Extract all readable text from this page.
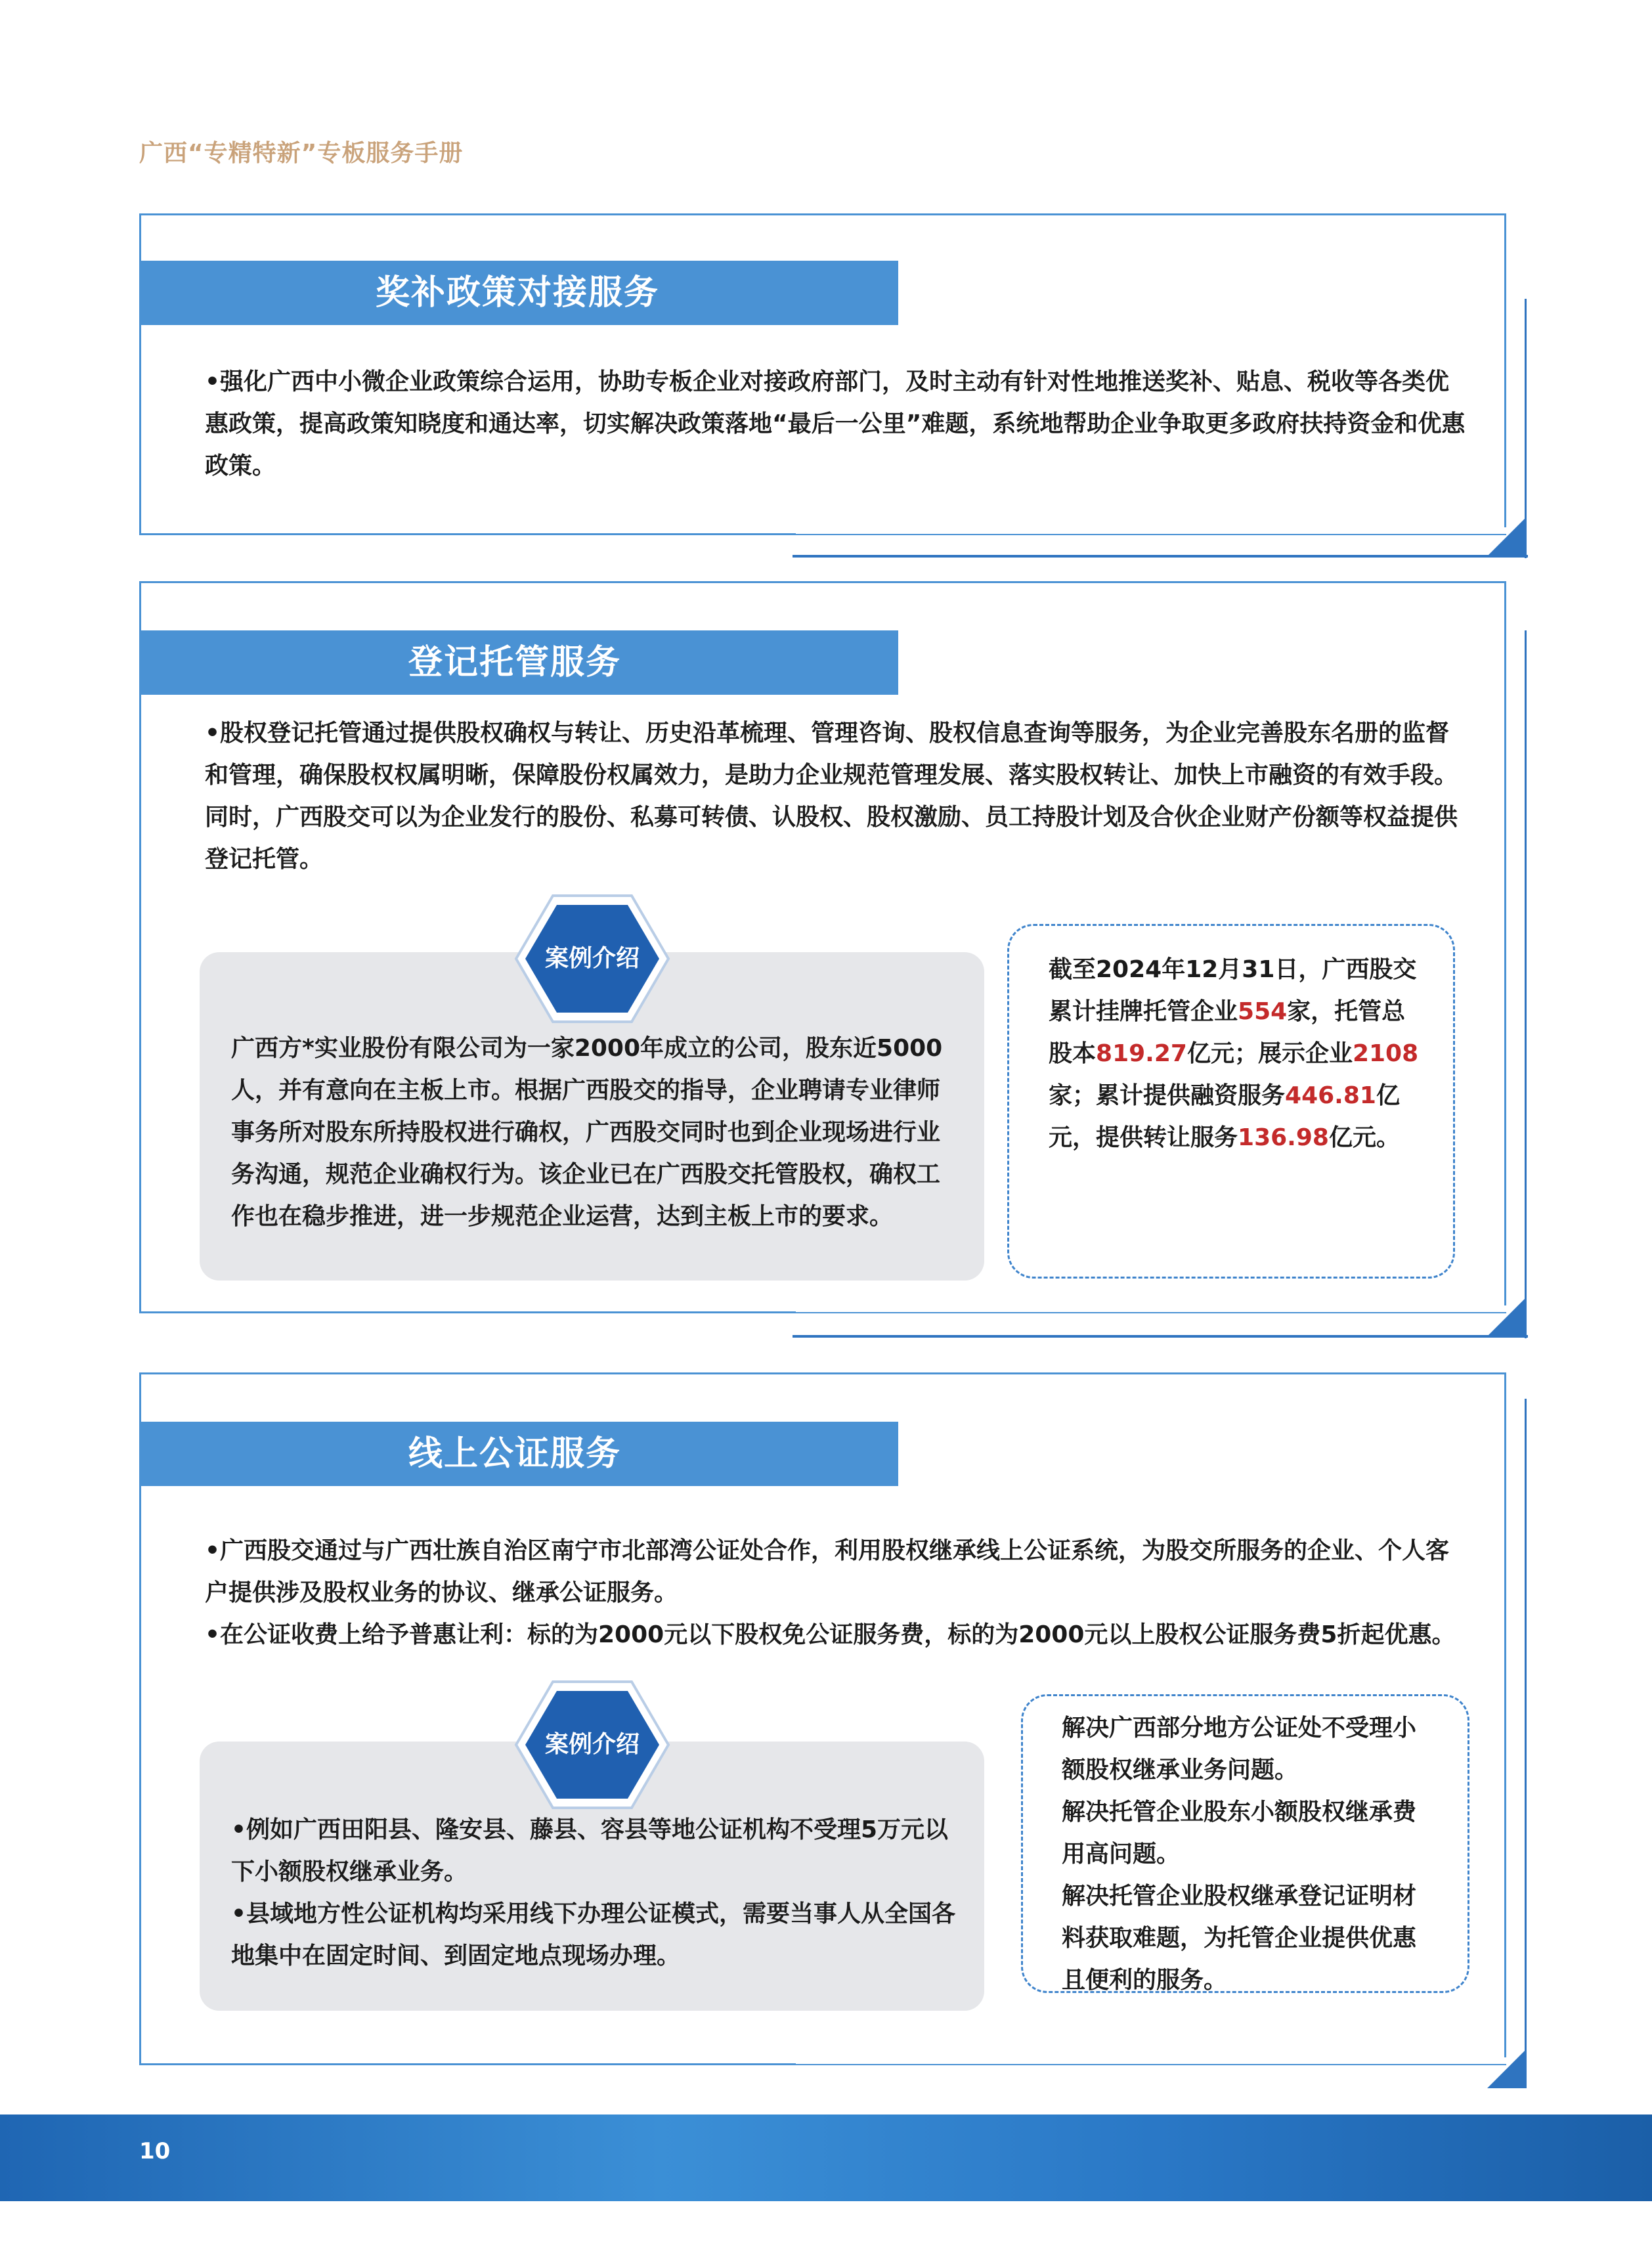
广西“专精特新”专板服务手册
奖补政策对接服务

•强化广西中小微企业政策综合运用，协助专板企业对接政府部门，及时主动有针对性地推送奖补、贴息、税收等各类优惠政策，提高政策知晓度和通达率，切实解决政策落地“最后一公里”难题，系统地帮助企业争取更多政府扶持资金和优惠政策。

登记托管服务

•股权登记托管通过提供股权确权与转让、历史沿革梳理、管理咨询、股权信息查询等服务，为企业完善股东名册的监督和管理，确保股权权属明晰，保障股份权属效力，是助力企业规范管理发展、落实股权转让、加快上市融资的有效手段。同时，广西股交可以为企业发行的股份、私募可转债、认股权、股权激励、员工持股计划及合伙企业财产份额等权益提供登记托管。

案例介绍

广西方*实业股份有限公司为一家2000年成立的公司，股东近5000人，并有意向在主板上市。根据广西股交的指导，企业聘请专业律师事务所对股东所持股权进行确权，广西股交同时也到企业现场进行业务沟通，规范企业确权行为。该企业已在广西股交托管股权，确权工作也在稳步推进，进一步规范企业运营，达到主板上市的要求。

截至2024年12月31日，广西股交累计挂牌托管企业554家，托管总股本819.27亿元；展示企业2108家；累计提供融资服务446.81亿元，提供转让服务136.98亿元。

线上公证服务

•广西股交通过与广西壮族自治区南宁市北部湾公证处合作，利用股权继承线上公证系统，为股交所服务的企业、个人客户提供涉及股权业务的协议、继承公证服务。

•在公证收费上给予普惠让利：标的为2000元以下股权免公证服务费，标的为2000元以上股权公证服务费5折起优惠。

案例介绍

•例如广西田阳县、隆安县、藤县、容县等地公证机构不受理5万元以下小额股权继承业务。

•县域地方性公证机构均采用线下办理公证模式，需要当事人从全国各地集中在固定时间、到固定地点现场办理。

解决广西部分地方公证处不受理小额股权继承业务问题。

解决托管企业股东小额股权继承费用高问题。

解决托管企业股权继承登记证明材料获取难题，为托管企业提供优惠且便利的服务。

10
